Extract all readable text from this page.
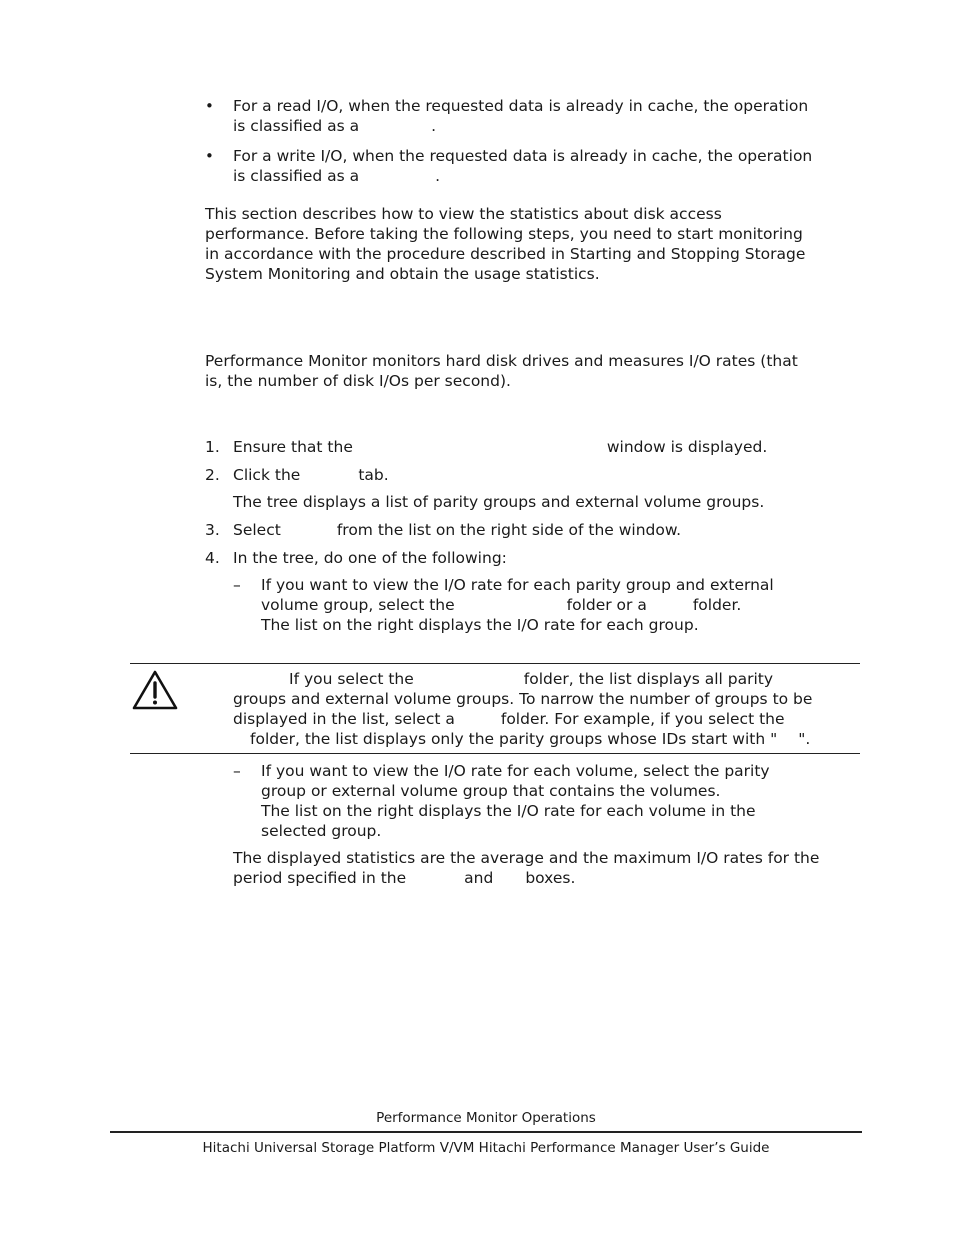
• For a read I/O, when the requested data is already in cache, the operation
is classified as a	.
• For a write I/O, when the requested data is already in cache, the operation
is classified as a	.
This section describes how to view the statistics about disk access
performance. Before taking the following steps, you need to start monitoring
in accordance with the procedure described in Starting and Stopping Storage
System Monitoring and obtain the usage statistics.
Performance Monitor monitors hard disk drives and measures I/O rates (that
is, the number of disk I/Os per second).
1. Ensure that the	window is displayed.
2. Click the	tab.
The tree displays a list of parity groups and external volume groups.
3. Select	from the list on the right side of the window.
4. In the tree, do one of the following:
– If you want to view the I/O rate for each parity group and external
volume group, select the	folder or a	folder.
The list on the right displays the I/O rate for each group.
If you select the	folder, the list displays all parity
groups and external volume groups. To narrow the number of groups to be
displayed in the list, select a	folder. For example, if you select the
folder, the list displays only the parity groups whose IDs start with " ".
– If you want to view the I/O rate for each volume, select the parity
group or external volume group that contains the volumes.
The list on the right displays the I/O rate for each volume in the
selected group.
The displayed statistics are the average and the maximum I/O rates for the
period specified in the	and boxes.
Performance Monitor Operations
Hitachi Universal Storage Platform V/VM Hitachi Performance Manager User’s Guide
